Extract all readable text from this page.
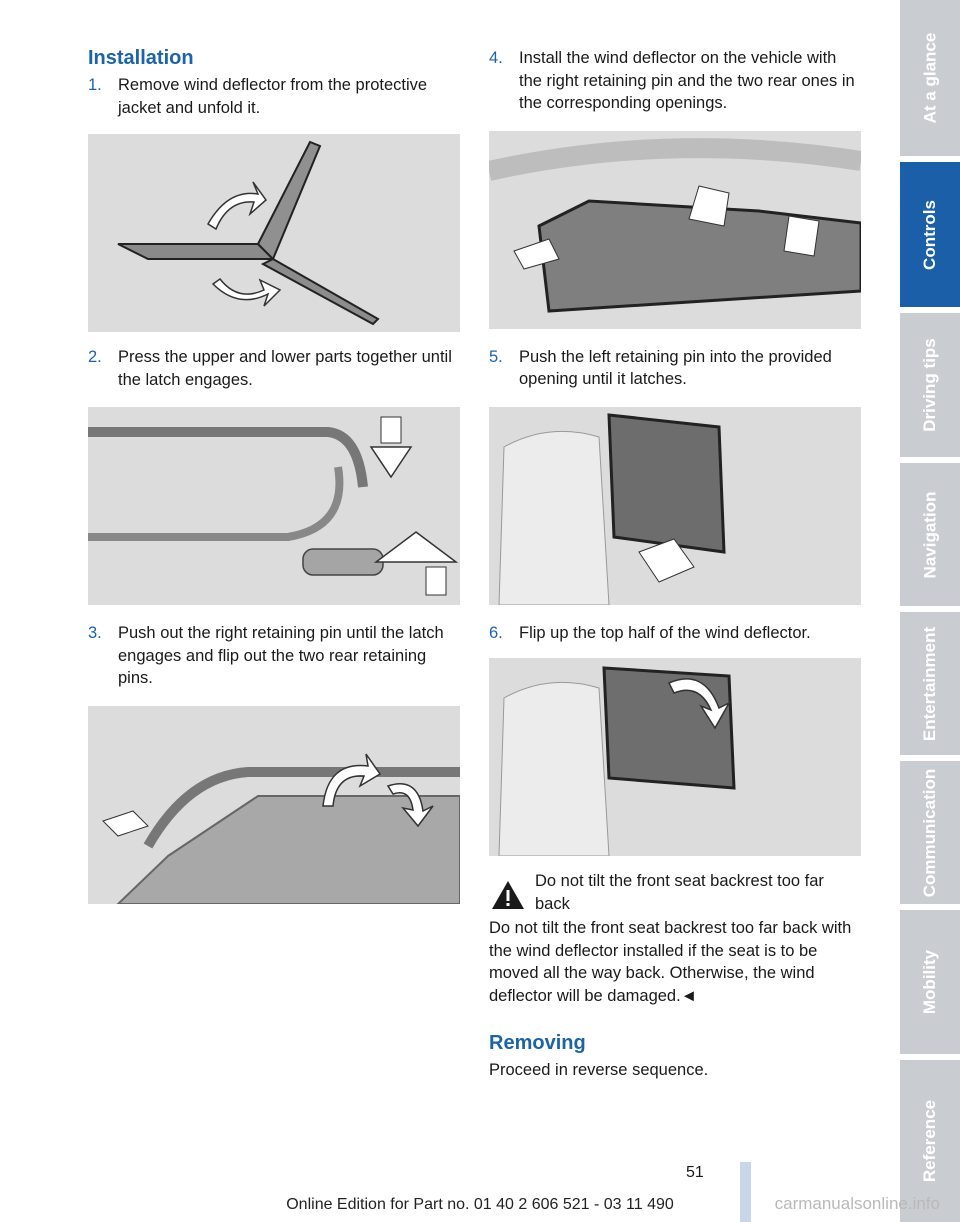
Installation
1. Remove wind deflector from the protective jacket and unfold it.
2. Press the upper and lower parts together until the latch engages.
3. Push out the right retaining pin until the latch engages and flip out the two rear retaining pins.
4. Install the wind deflector on the vehicle with the right retaining pin and the two rear ones in the corresponding openings.
5. Push the left retaining pin into the provided opening until it latches.
6. Flip up the top half of the wind deflector.
Do not tilt the front seat backrest too far back
Do not tilt the front seat backrest too far back with the wind deflector installed if the seat is to be moved all the way back. Otherwise, the wind deflector will be damaged.◄
Removing
Proceed in reverse sequence.
At a glance
Controls
Driving tips
Navigation
Entertainment
Communication
Mobility
Reference
51
Online Edition for Part no. 01 40 2 606 521 - 03 11 490	carmanualsonline.info
